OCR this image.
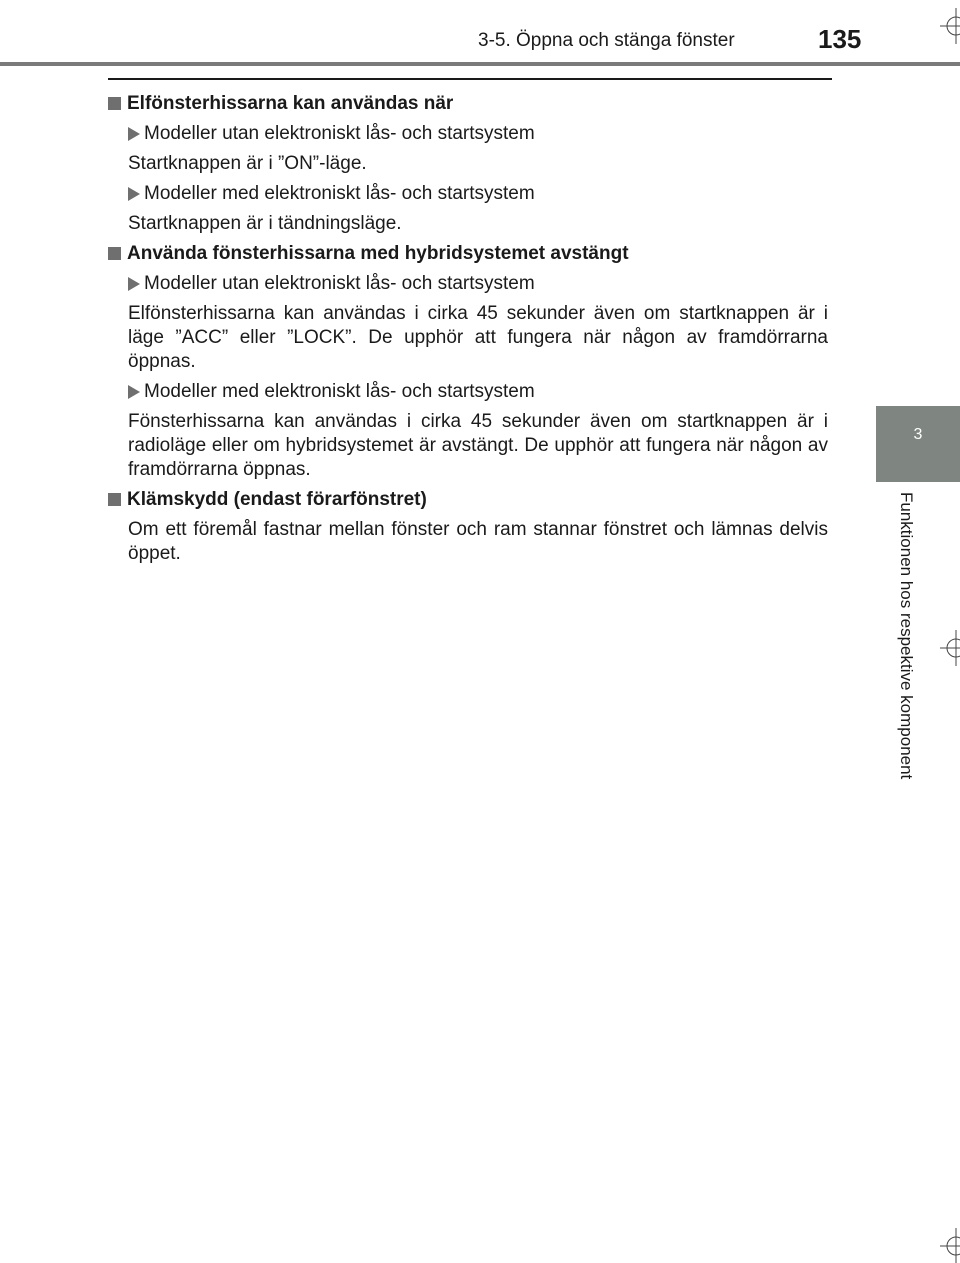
3-5. Öppna och stänga fönster	135
3
Funktionen hos respektive komponent
Elfönsterhissarna kan användas när
Modeller utan elektroniskt lås- och startsystem

Startknappen är i ”ON”-läge.

Modeller med elektroniskt lås- och startsystem

Startknappen är i tändningsläge.

Använda fönsterhissarna med hybridsystemet avstängt
Modeller utan elektroniskt lås- och startsystem

Elfönsterhissarna kan användas i cirka 45 sekunder även om startknappen är i läge ”ACC” eller ”LOCK”. De upphör att fungera när någon av framdörrarna öppnas.

Modeller med elektroniskt lås- och startsystem

Fönsterhissarna kan användas i cirka 45 sekunder även om startknappen är i radioläge eller om hybridsystemet är avstängt. De upphör att fungera när någon av framdörrarna öppnas.

Klämskydd (endast förarfönstret)

Om ett föremål fastnar mellan fönster och ram stannar fönstret och lämnas delvis öppet.
